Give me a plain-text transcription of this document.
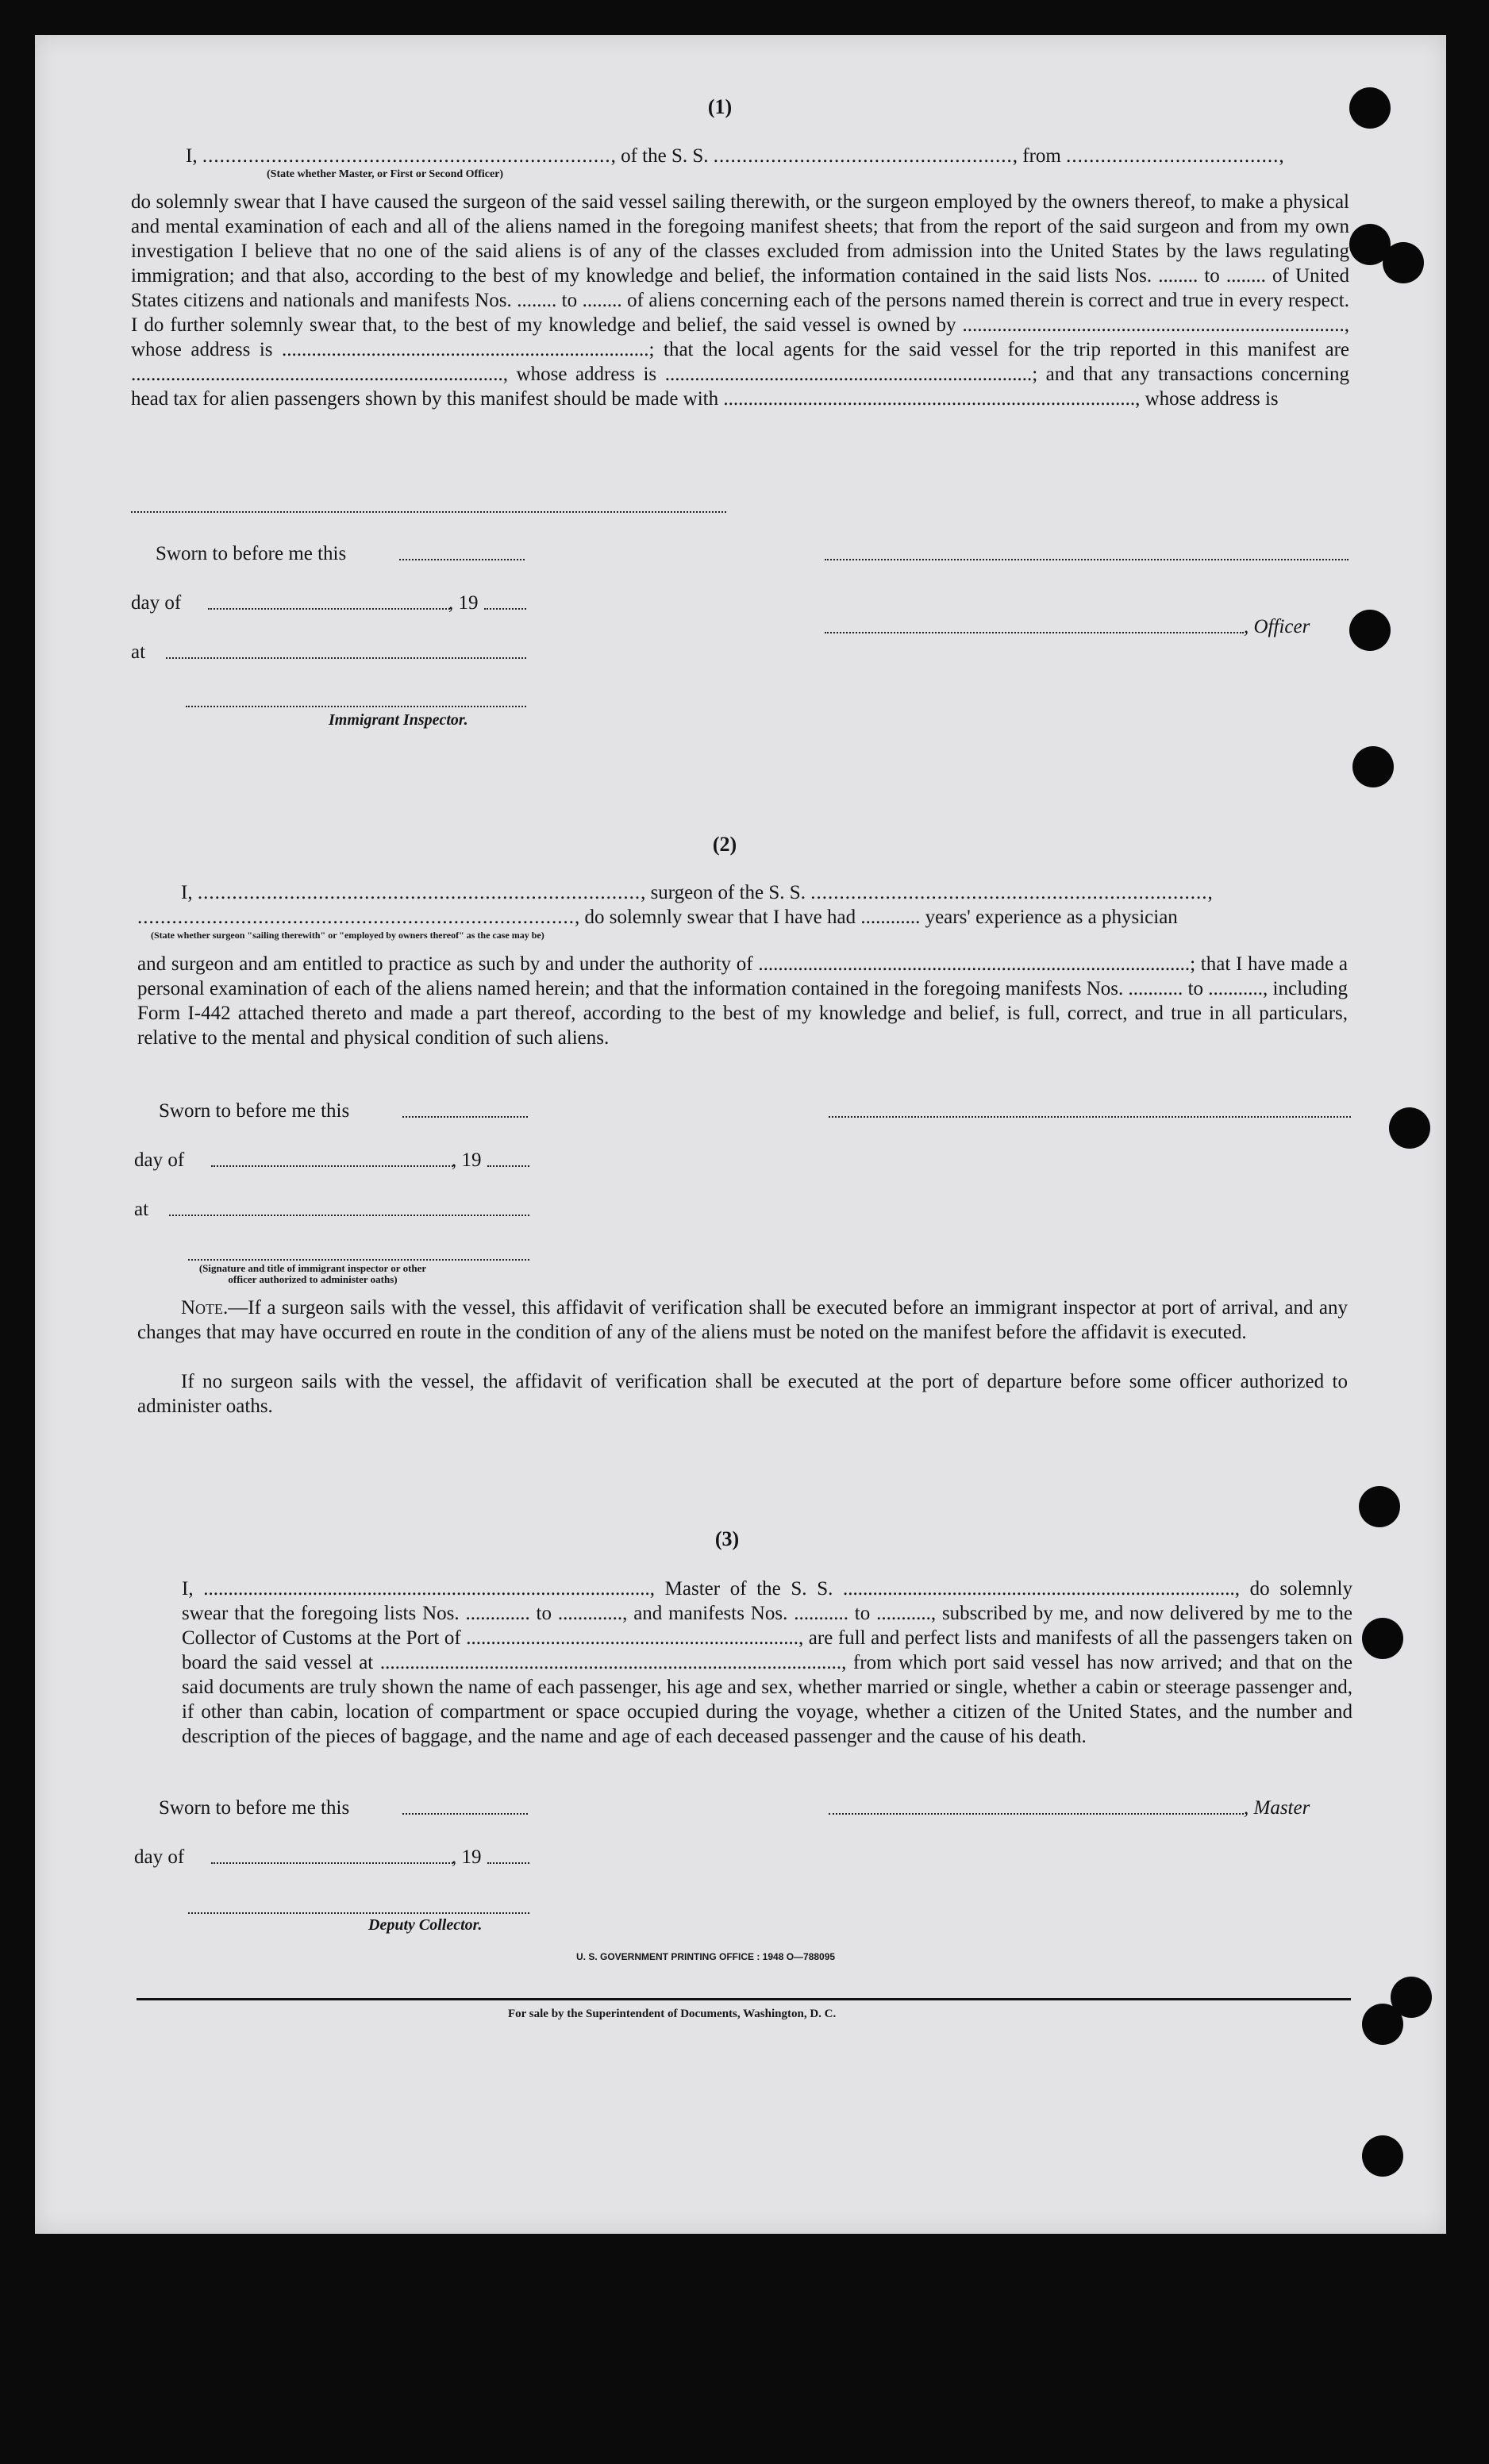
(1)
I, ......................................................................., of the S. S. ...................................................., from .....................................,
(State whether Master, or First or Second Officer)
do solemnly swear that I have caused the surgeon of the said vessel sailing therewith, or the surgeon employed by the owners thereof, to make a physical and mental examination of each and all of the aliens named in the foregoing manifest sheets; that from the report of the said surgeon and from my own investigation I believe that no one of the said aliens is of any of the classes excluded from admission into the United States by the laws regulating immigration; and that also, according to the best of my knowledge and belief, the information contained in the said lists Nos. ........ to ........ of United States citizens and nationals and manifests Nos. ........ to ........ of aliens concerning each of the persons named therein is correct and true in every respect. I do further solemnly swear that, to the best of my knowledge and belief, the said vessel is owned by ............................................................................., whose address is ..........................................................................; that the local agents for the said vessel for the trip reported in this manifest are ..........................................................................., whose address is ..........................................................................; and that any transactions concerning head tax for alien passengers shown by this manifest should be made with ..................................................................................., whose address is
Sworn to before me this
day of	, 19
, Officer
at
Immigrant Inspector.
(2)
I, ............................................................................., surgeon of the S. S. .....................................................................,
............................................................................, do solemnly swear that I have had ............ years' experience as a physician
(State whether surgeon "sailing therewith" or "employed by owners thereof" as the case may be)
and surgeon and am entitled to practice as such by and under the authority of .......................................................................................; that I have made a personal examination of each of the aliens named herein; and that the information contained in the foregoing manifests Nos. ........... to ..........., including Form I-442 attached thereto and made a part thereof, according to the best of my knowledge and belief, is full, correct, and true in all particulars, relative to the mental and physical condition of such aliens.
Sworn to before me this
day of	, 19
at
(Signature and title of immigrant inspector or other officer authorized to administer oaths)
Note.—If a surgeon sails with the vessel, this affidavit of verification shall be executed before an immigrant inspector at port of arrival, and any changes that may have occurred en route in the condition of any of the aliens must be noted on the manifest before the affidavit is executed.
If no surgeon sails with the vessel, the affidavit of verification shall be executed at the port of departure before some officer authorized to administer oaths.
(3)
I, .........................................................................................., Master of the S. S. ..............................................................................., do solemnly swear that the foregoing lists Nos. ............. to ............., and manifests Nos. ........... to ..........., subscribed by me, and now delivered by me to the Collector of Customs at the Port of ..................................................................., are full and perfect lists and manifests of all the passengers taken on board the said vessel at ............................................................................................., from which port said vessel has now arrived; and that on the said documents are truly shown the name of each passenger, his age and sex, whether married or single, whether a cabin or steerage passenger and, if other than cabin, location of compartment or space occupied during the voyage, whether a citizen of the United States, and the number and description of the pieces of baggage, and the name and age of each deceased passenger and the cause of his death.
Sworn to before me this	, Master
day of	, 19
Deputy Collector.
U. S. GOVERNMENT PRINTING OFFICE : 1948 O—788095
For sale by the Superintendent of Documents, Washington, D. C.
